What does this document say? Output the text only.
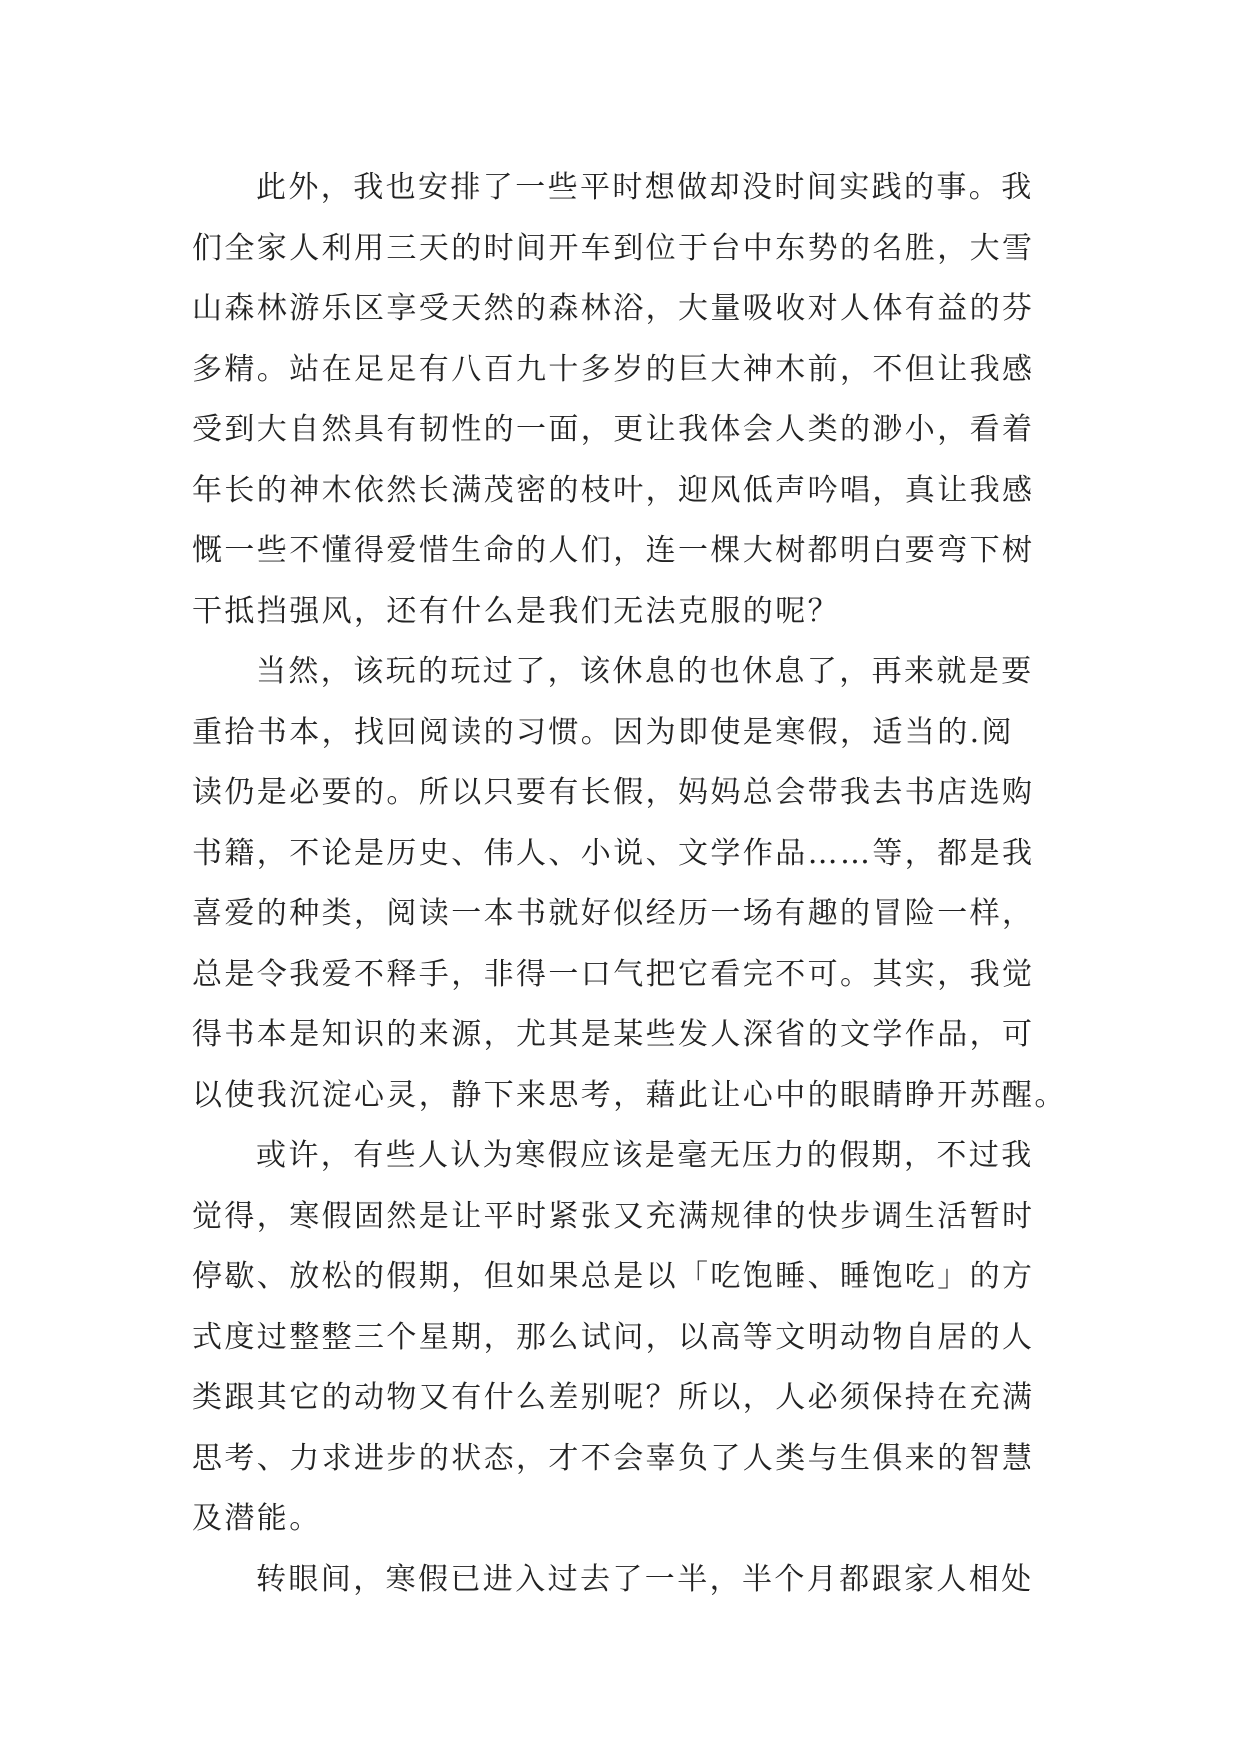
此外，我也安排了一些平时想做却没时间实践的事。我
们全家人利用三天的时间开车到位于台中东势的名胜，大雪
山森林游乐区享受天然的森林浴，大量吸收对人体有益的芬
多精。站在足足有八百九十多岁的巨大神木前，不但让我感
受到大自然具有韧性的一面，更让我体会人类的渺小，看着
年长的神木依然长满茂密的枝叶，迎风低声吟唱，真让我感
慨一些不懂得爱惜生命的人们，连一棵大树都明白要弯下树
干抵挡强风，还有什么是我们无法克服的呢？
当然，该玩的玩过了，该休息的也休息了，再来就是要
重拾书本，找回阅读的习惯。因为即使是寒假，适当的.阅
读仍是必要的。所以只要有长假，妈妈总会带我去书店选购
书籍，不论是历史、伟人、小说、文学作品……等，都是我
喜爱的种类，阅读一本书就好似经历一场有趣的冒险一样，
总是令我爱不释手，非得一口气把它看完不可。其实，我觉
得书本是知识的来源，尤其是某些发人深省的文学作品，可
以使我沉淀心灵，静下来思考，藉此让心中的眼睛睁开苏醒。
或许，有些人认为寒假应该是毫无压力的假期，不过我
觉得，寒假固然是让平时紧张又充满规律的快步调生活暂时
停歇、放松的假期，但如果总是以「吃饱睡、睡饱吃」的方
式度过整整三个星期，那么试问，以高等文明动物自居的人
类跟其它的动物又有什么差别呢？所以，人必须保持在充满
思考、力求进步的状态，才不会辜负了人类与生俱来的智慧
及潜能。
转眼间，寒假已进入过去了一半，半个月都跟家人相处
